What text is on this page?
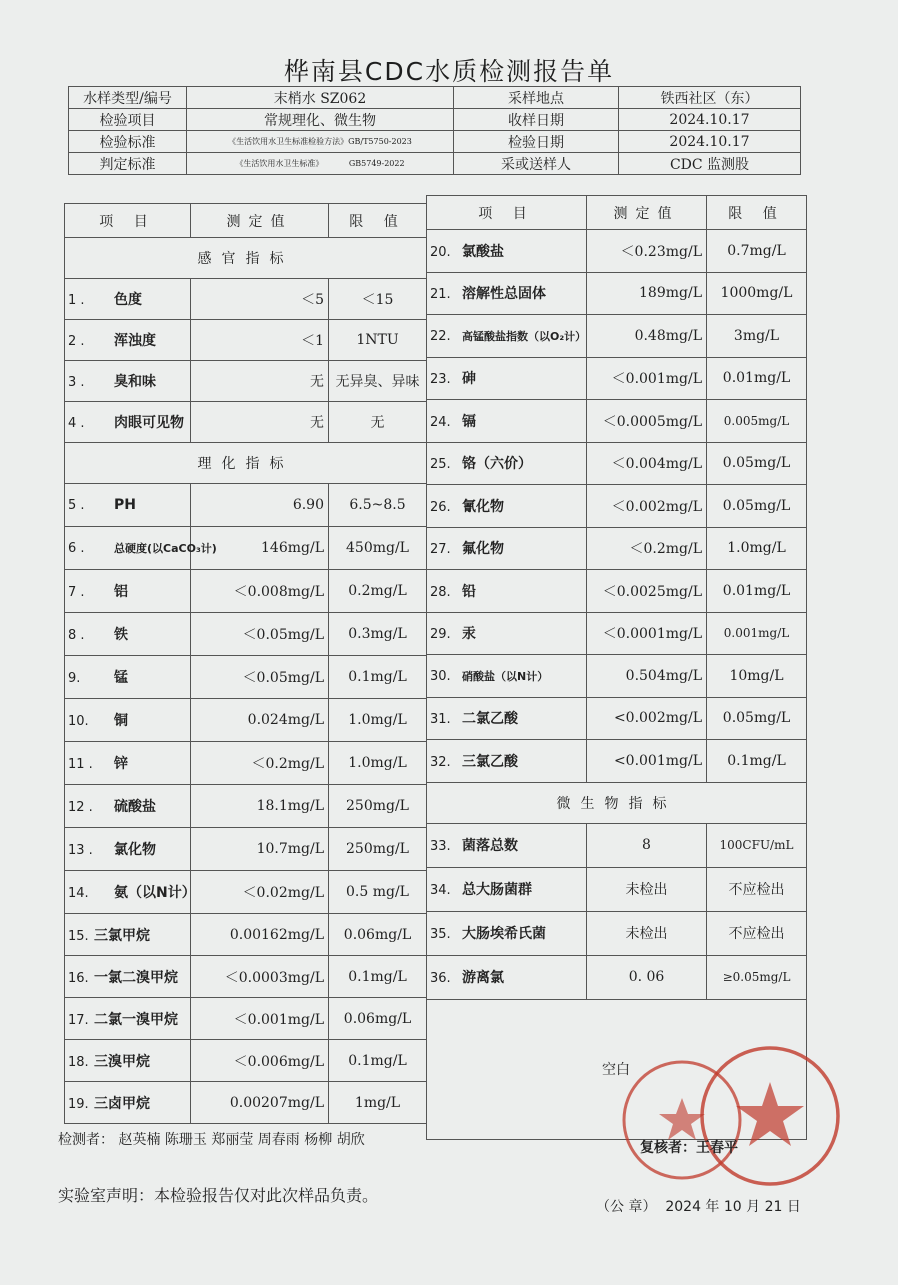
桦南县CDC水质检测报告单
水样类型/编号	末梢水 SZ062	采样地点	铁西社区（东）
检验项目	常规理化、微生物	收样日期	2024.10.17
检验标准	《生活饮用水卫生标准检验方法》GB/T5750-2023	检验日期	2024.10.17
判定标准	《生活饮用水卫生标准》          GB5749-2022	采或送样人	CDC 监测股
项 目	测定值	限 值
感官指标		
1 . 色度	＜5	＜15
2 . 浑浊度	＜1	1NTU
3 . 臭和味	无	无异臭、异味
4 . 肉眼可见物	无	无
理化指标		
5 . PH	6.90	6.5~8.5
6 . 总硬度(以CaCO₃计)	146mg/L	450mg/L
7 . 铝	＜0.008mg/L	0.2mg/L
8 . 铁	＜0.05mg/L	0.3mg/L
9. 锰	＜0.05mg/L	0.1mg/L
10. 铜	0.024mg/L	1.0mg/L
11 . 锌	＜0.2mg/L	1.0mg/L
12 . 硫酸盐	18.1mg/L	250mg/L
13 . 氯化物	10.7mg/L	250mg/L
14. 氨（以N计）	＜0.02mg/L	0.5 mg/L
15. 三氯甲烷	0.00162mg/L	0.06mg/L
16. 一氯二溴甲烷	＜0.0003mg/L	0.1mg/L
17. 二氯一溴甲烷	＜0.001mg/L	0.06mg/L
18. 三溴甲烷	＜0.006mg/L	0.1mg/L
19. 三卤甲烷	0.00207mg/L	1mg/L
项 目	测定值	限 值
20. 氯酸盐	＜0.23mg/L	0.7mg/L
21. 溶解性总固体	189mg/L	1000mg/L
22. 高锰酸盐指数（以O₂计）	0.48mg/L	3mg/L
23. 砷	＜0.001mg/L	0.01mg/L
24. 镉	＜0.0005mg/L	0.005mg/L
25. 铬（六价）	＜0.004mg/L	0.05mg/L
26. 氰化物	＜0.002mg/L	0.05mg/L
27. 氟化物	＜0.2mg/L	1.0mg/L
28. 铅	＜0.0025mg/L	0.01mg/L
29. 汞	＜0.0001mg/L	0.001mg/L
30. 硝酸盐（以N计）	0.504mg/L	10mg/L
31. 二氯乙酸	<0.002mg/L	0.05mg/L
32. 三氯乙酸	<0.001mg/L	0.1mg/L
微生物指标		
33. 菌落总数	8	100CFU/mL
34. 总大肠菌群	未检出	不应检出
35. 大肠埃希氏菌	未检出	不应检出
36. 游离氯	0. 06	≥0.05mg/L
空白		
检测者： 赵英楠 陈珊玉 郑丽莹 周春雨 杨柳 胡欣	复核者：王春平
实验室声明：本检验报告仅对此次样品负责。
（公 章）  2024 年 10 月 21 日
